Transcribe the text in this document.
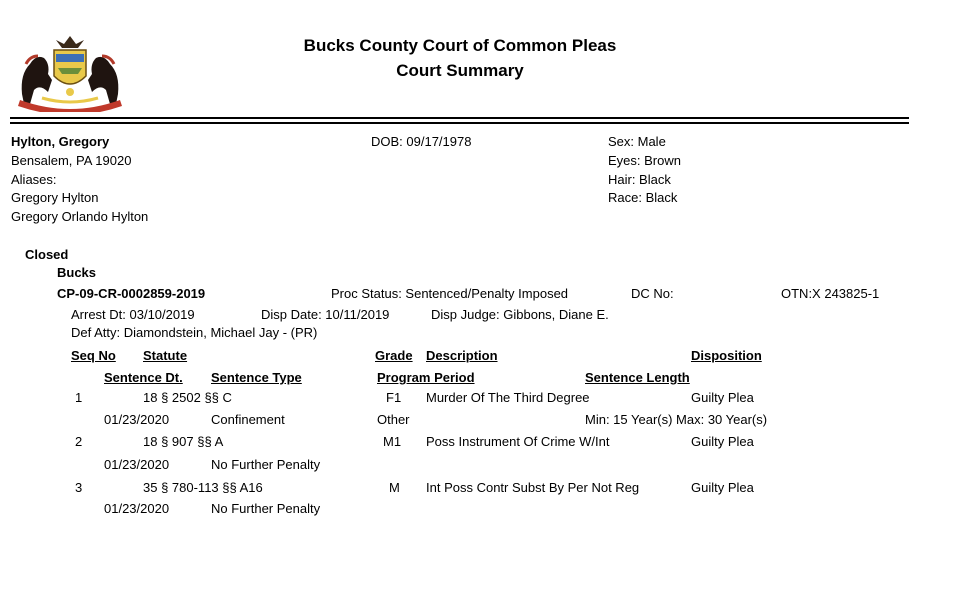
Bucks County Court of Common Pleas
Court Summary
Hylton, Gregory
Bensalem, PA 19020
Aliases:
Gregory Hylton
Gregory Orlando Hylton
DOB: 09/17/1978	Sex: Male
Eyes: Brown
Hair: Black
Race: Black
Closed
Bucks
CP-09-CR-0002859-2019	Proc Status: Sentenced/Penalty Imposed	DC No:	OTN:X 243825-1
Arrest Dt: 03/10/2019	Disp Date: 10/11/2019	Disp Judge: Gibbons, Diane E.
Def Atty: Diamondstein, Michael Jay - (PR)
Seq No Statute	Grade Description	Disposition
Sentence Dt. Sentence Type	Program Period	Sentence Length
1	18 § 2502 §§ C	F1 Murder Of The Third Degree	Guilty Plea
01/23/2020	Confinement	Other	Min: 15 Year(s) Max: 30 Year(s)
2	18 § 907 §§ A	M1 Poss Instrument Of Crime W/Int	Guilty Plea
01/23/2020	No Further Penalty
3	35 § 780-113 §§ A16	M Int Poss Contr Subst By Per Not Reg	Guilty Plea
01/23/2020	No Further Penalty
